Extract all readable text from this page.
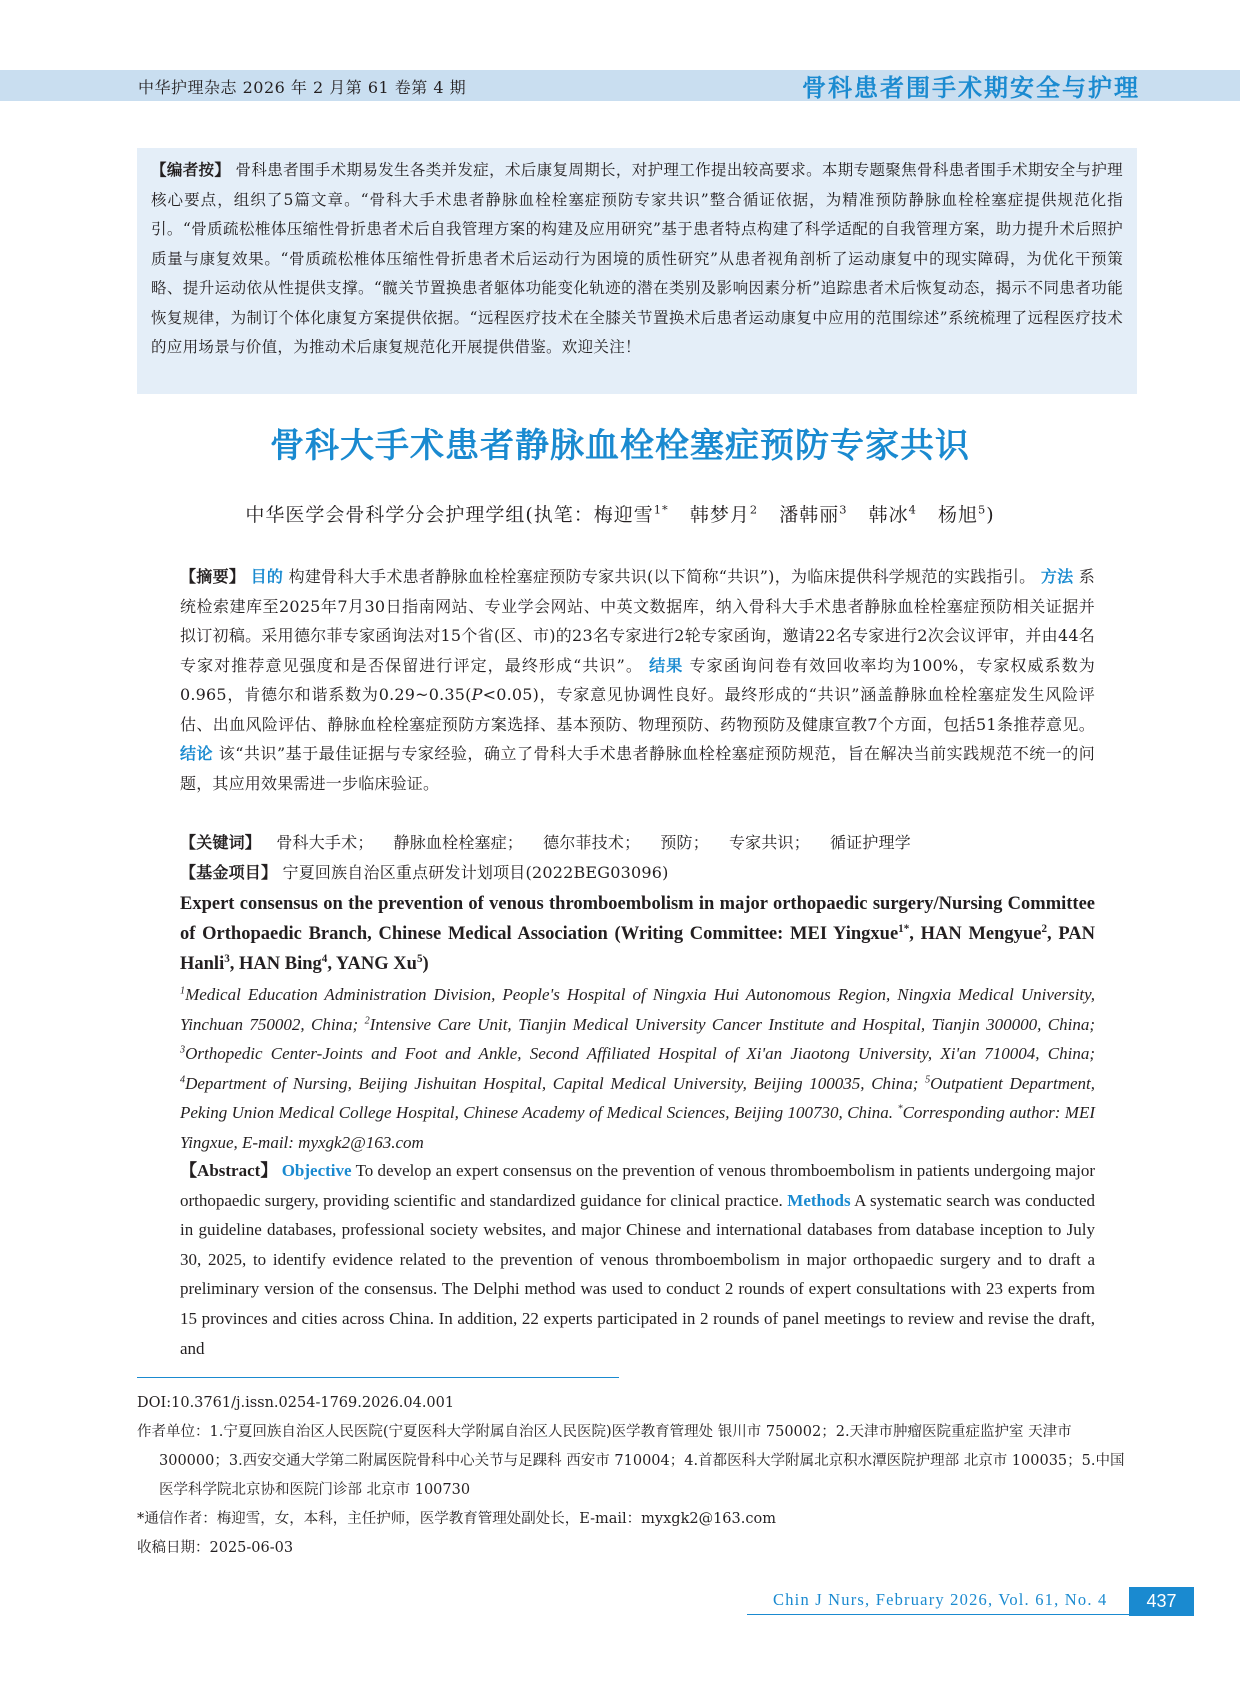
中华护理杂志 2026 年 2 月第 61 卷第 4 期	骨科患者围手术期安全与护理
【编者按】 骨科患者围手术期易发生各类并发症，术后康复周期长，对护理工作提出较高要求。本期专题聚焦骨科患者围手术期安全与护理核心要点，组织了5篇文章。“骨科大手术患者静脉血栓栓塞症预防专家共识”整合循证依据，为精准预防静脉血栓栓塞症提供规范化指引。“骨质疏松椎体压缩性骨折患者术后自我管理方案的构建及应用研究”基于患者特点构建了科学适配的自我管理方案，助力提升术后照护质量与康复效果。“骨质疏松椎体压缩性骨折患者术后运动行为困境的质性研究”从患者视角剖析了运动康复中的现实障碍，为优化干预策略、提升运动依从性提供支撑。“髋关节置换患者躯体功能变化轨迹的潜在类别及影响因素分析”追踪患者术后恢复动态，揭示不同患者功能恢复规律，为制订个体化康复方案提供依据。“远程医疗技术在全膝关节置换术后患者运动康复中应用的范围综述”系统梳理了远程医疗技术的应用场景与价值，为推动术后康复规范化开展提供借鉴。欢迎关注！
骨科大手术患者静脉血栓栓塞症预防专家共识
中华医学会骨科学分会护理学组(执笔：梅迎雪$^{1*}$ 韩梦月$^2$ 潘韩丽$^3$ 韩冰$^4$ 杨旭$^5$)
【摘要】 目的 构建骨科大手术患者静脉血栓栓塞症预防专家共识(以下简称“共识”)，为临床提供科学规范的实践指引。 方法 系统检索建库至2025年7月30日指南网站、专业学会网站、中英文数据库，纳入骨科大手术患者静脉血栓栓塞症预防相关证据并拟订初稿。采用德尔菲专家函询法对15个省(区、市)的23名专家进行2轮专家函询，邀请22名专家进行2次会议评审，并由44名专家对推荐意见强度和是否保留进行评定，最终形成“共识”。 结果 专家函询问卷有效回收率均为100%，专家权威系数为0.965，肯德尔和谐系数为0.29~0.35(P<0.05)，专家意见协调性良好。最终形成的“共识”涵盖静脉血栓栓塞症发生风险评估、出血风险评估、静脉血栓栓塞症预防方案选择、基本预防、物理预防、药物预防及健康宣教7个方面，包括51条推荐意见。 结论 该“共识”基于最佳证据与专家经验，确立了骨科大手术患者静脉血栓栓塞症预防规范，旨在解决当前实践规范不统一的问题，其应用效果需进一步临床验证。
【关键词】 骨科大手术； 静脉血栓栓塞症； 德尔菲技术； 预防； 专家共识； 循证护理学
【基金项目】 宁夏回族自治区重点研发计划项目(2022BEG03096)
Expert consensus on the prevention of venous thromboembolism in major orthopaedic surgery/Nursing Committee of Orthopaedic Branch, Chinese Medical Association (Writing Committee: MEI Yingxue$^{1*}$, HAN Mengyue$^2$, PAN Hanli$^3$, HAN Bing$^4$, YANG Xu$^5$)
$^1$Medical Education Administration Division, People's Hospital of Ningxia Hui Autonomous Region, Ningxia Medical University, Yinchuan 750002, China; $^2$Intensive Care Unit, Tianjin Medical University Cancer Institute and Hospital, Tianjin 300000, China; $^3$Orthopedic Center-Joints and Foot and Ankle, Second Affiliated Hospital of Xi'an Jiaotong University, Xi'an 710004, China; $^4$Department of Nursing, Beijing Jishuitan Hospital, Capital Medical University, Beijing 100035, China; $^5$Outpatient Department, Peking Union Medical College Hospital, Chinese Academy of Medical Sciences, Beijing 100730, China. *Corresponding author: MEI Yingxue, E-mail: myxgk2@163.com
【Abstract】 Objective To develop an expert consensus on the prevention of venous thromboembolism in patients undergoing major orthopaedic surgery, providing scientific and standardized guidance for clinical practice. Methods A systematic search was conducted in guideline databases, professional society websites, and major Chinese and international databases from database inception to July 30, 2025, to identify evidence related to the prevention of venous thromboembolism in major orthopaedic surgery and to draft a preliminary version of the consensus. The Delphi method was used to conduct 2 rounds of expert consultations with 23 experts from 15 provinces and cities across China. In addition, 22 experts participated in 2 rounds of panel meetings to review and revise the draft, and

DOI:10.3761/j.issn.0254-1769.2026.04.001

作者单位：1.宁夏回族自治区人民医院(宁夏医科大学附属自治区人民医院)医学教育管理处 银川市 750002；2.天津市肿瘤医院重症监护室 天津市 300000；3.西安交通大学第二附属医院骨科中心关节与足踝科 西安市 710004；4.首都医科大学附属北京积水潭医院护理部 北京市 100035；5.中国医学科学院北京协和医院门诊部 北京市 100730

*通信作者：梅迎雪，女，本科，主任护师，医学教育管理处副处长，E-mail：myxgk2@163.com

收稿日期：2025-06-03

Chin J Nurs, February 2026, Vol. 61, No. 4	437
